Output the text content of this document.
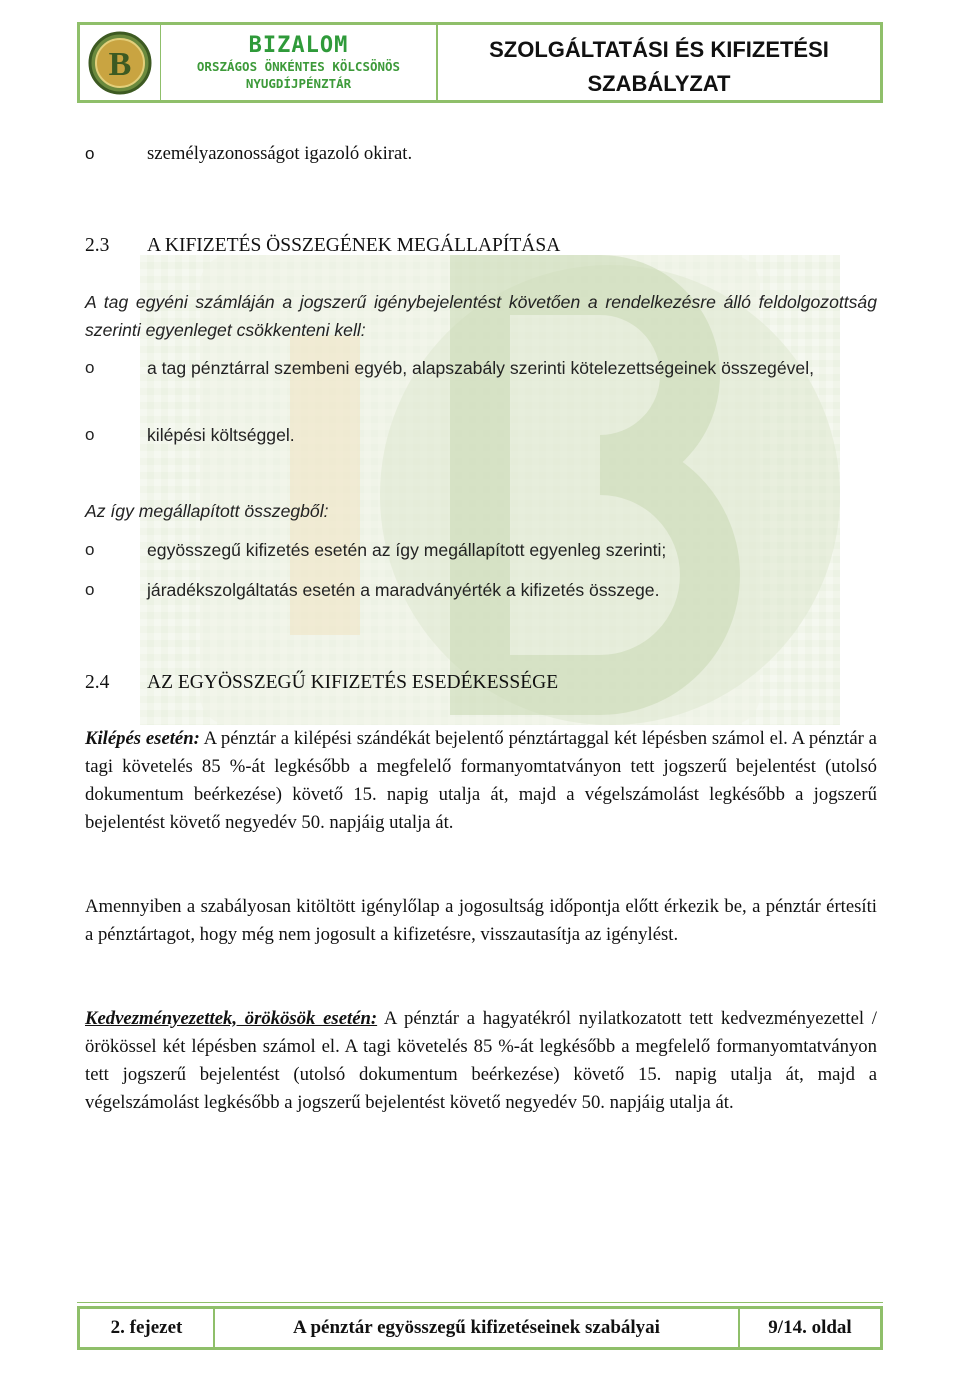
B	BIZALOM
ORSZÁGOS ÖNKÉNTES KÖLCSÖNÖS
NYUGDÍJPÉNZTÁR
SZOLGÁLTATÁSI ÉS KIFIZETÉSI
SZABÁLYZAT
o	személyazonosságot igazoló okirat.
2.3 A KIFIZETÉS ÖSSZEGÉNEK MEGÁLLAPÍTÁSA
A tag egyéni számláján a jogszerű igénybejelentést követően a rendelkezésre álló feldolgozottság szerinti egyenleget csökkenteni kell:
o	a tag pénztárral szembeni egyéb, alapszabály szerinti kötelezettségeinek összegével,
o	kilépési költséggel.
Az így megállapított összegből:
o	egyösszegű kifizetés esetén az így megállapított egyenleg szerinti;
o	járadékszolgáltatás esetén a maradványérték a kifizetés összege.
2.4 AZ EGYÖSSZEGŰ KIFIZETÉS ESEDÉKESSÉGE
Kilépés esetén: A pénztár a kilépési szándékát bejelentő pénztártaggal két lépésben számol el. A pénztár a tagi követelés 85 %-át legkésőbb a megfelelő formanyomtatványon tett jogszerű bejelentést (utolsó dokumentum beérkezése) követő 15. napig utalja át, majd a végelszámolást legkésőbb a jogszerű bejelentést követő negyedév 50. napjáig utalja át.
Amennyiben a szabályosan kitöltött igénylőlap a jogosultság időpontja előtt érkezik be, a pénztár értesíti a pénztártagot, hogy még nem jogosult a kifizetésre, visszautasítja az igénylést.
Kedvezményezettek, örökösök esetén: A pénztár a hagyatékról nyilatkozatott tett kedvezményezettel / örökössel két lépésben számol el. A tagi követelés 85 %-át legkésőbb a megfelelő formanyomtatványon tett jogszerű bejelentést (utolsó dokumentum beérkezése) követő 15. napig utalja át, majd a végelszámolást legkésőbb a jogszerű bejelentést követő negyedév 50. napjáig utalja át.
2. fejezet	A pénztár egyösszegű kifizetéseinek szabályai	9/14. oldal
